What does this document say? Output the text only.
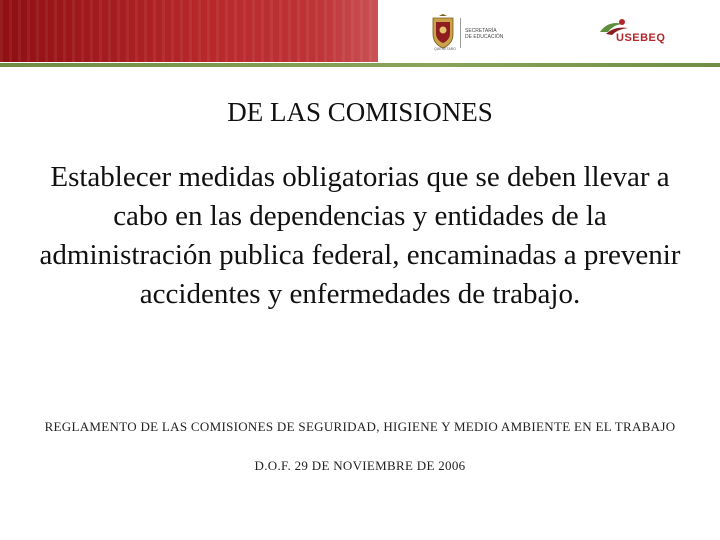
QUERÉTARO
SECRETARÍA
DE EDUCACIÓN	USEBEQ
DE LAS COMISIONES
Establecer medidas obligatorias que se deben llevar a cabo en las dependencias y entidades de la administración publica federal, encaminadas a prevenir accidentes y enfermedades de trabajo.
REGLAMENTO DE LAS COMISIONES DE SEGURIDAD, HIGIENE Y MEDIO AMBIENTE EN EL TRABAJO
D.O.F. 29 DE NOVIEMBRE DE 2006
